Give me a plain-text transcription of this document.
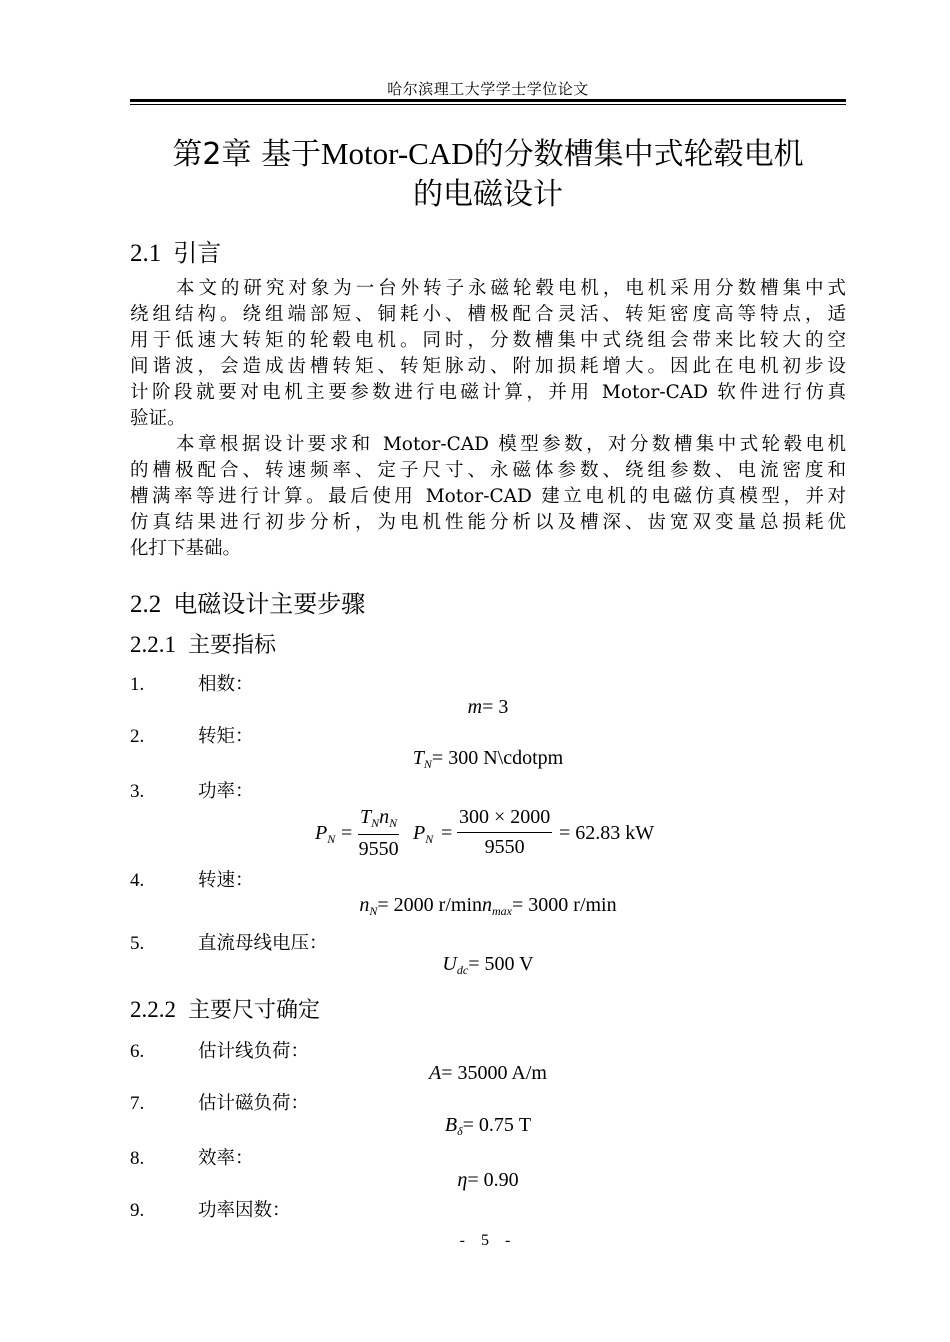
哈尔滨理工大学学士学位论文
第2章 基于Motor-CAD的分数槽集中式轮毂电机
的电磁设计
2.1 引言
本文的研究对象为一台外转子永磁轮毂电机，电机采用分数槽集中式
绕组结构。绕组端部短、铜耗小、槽极配合灵活、转矩密度高等特点，适
用于低速大转矩的轮毂电机。同时，分数槽集中式绕组会带来比较大的空
间谐波，会造成齿槽转矩、转矩脉动、附加损耗增大。因此在电机初步设
计阶段就要对电机主要参数进行电磁计算，并用 Motor-CAD 软件进行仿真
验证。
本章根据设计要求和 Motor-CAD 模型参数，对分数槽集中式轮毂电机
的槽极配合、转速频率、定子尺寸、永磁体参数、绕组参数、电流密度和
槽满率等进行计算。最后使用 Motor-CAD 建立电机的电磁仿真模型，并对
仿真结果进行初步分析，为电机性能分析以及槽深、齿宽双变量总损耗优
化打下基础。
2.2 电磁设计主要步骤
2.2.1 主要指标
1.	相数：
m= 3
2.	转矩：
$T_N= 300$ N\cdotpm
3.	功率：
$P_N$ =
$T_Nn_N$
9550
$P_N$ =
300 × 2000
9550
= 62.83 kW
4.	转速：
$n_N= 2000$ r/minn$_{max}$= 3000 r/min
5.	直流母线电压：
$U_{dc}= 500$ V
2.2.2 主要尺寸确定
6.	估计线负荷：
A= 35000 A/m
7.	估计磁负荷：
$B_\delta= 0.75$ T
8.	效率：
η= 0.90
9.	功率因数：
- 5 -
